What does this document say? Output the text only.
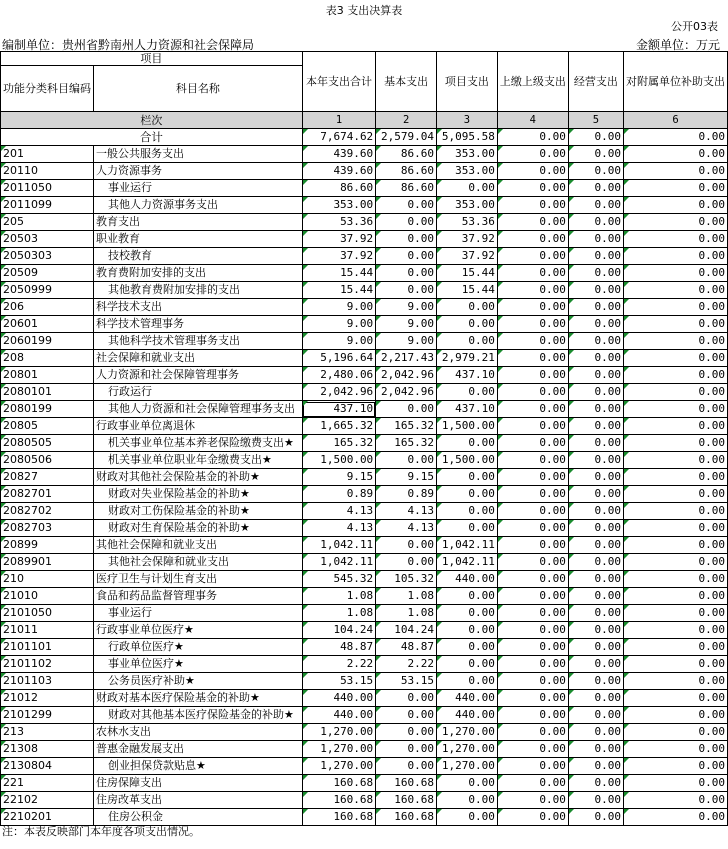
表3 支出决算表
公开03表
编制单位：贵州省黔南州人力资源和社会保障局	金额单位：万元
项目		本年支出合计	基本支出	项目支出	上缴上级支出	经营支出	对附属单位补助支出
功能分类科目编码	科目名称						
栏次		1	2	3	4	5	6
合计		7,674.62	2,579.04	5,095.58	0.00	0.00	0.00
201	一般公共服务支出	439.60	86.60	353.00	0.00	0.00	0.00
20110	人力资源事务	439.60	86.60	353.00	0.00	0.00	0.00
2011050	事业运行	86.60	86.60	0.00	0.00	0.00	0.00
2011099	其他人力资源事务支出	353.00	0.00	353.00	0.00	0.00	0.00
205	教育支出	53.36	0.00	53.36	0.00	0.00	0.00
20503	职业教育	37.92	0.00	37.92	0.00	0.00	0.00
2050303	技校教育	37.92	0.00	37.92	0.00	0.00	0.00
20509	教育费附加安排的支出	15.44	0.00	15.44	0.00	0.00	0.00
2050999	其他教育费附加安排的支出	15.44	0.00	15.44	0.00	0.00	0.00
206	科学技术支出	9.00	9.00	0.00	0.00	0.00	0.00
20601	科学技术管理事务	9.00	9.00	0.00	0.00	0.00	0.00
2060199	其他科学技术管理事务支出	9.00	9.00	0.00	0.00	0.00	0.00
208	社会保障和就业支出	5,196.64	2,217.43	2,979.21	0.00	0.00	0.00
20801	人力资源和社会保障管理事务	2,480.06	2,042.96	437.10	0.00	0.00	0.00
2080101	行政运行	2,042.96	2,042.96	0.00	0.00	0.00	0.00
2080199	其他人力资源和社会保障管理事务支出	437.10	0.00	437.10	0.00	0.00	0.00
20805	行政事业单位离退休	1,665.32	165.32	1,500.00	0.00	0.00	0.00
2080505	机关事业单位基本养老保险缴费支出★	165.32	165.32	0.00	0.00	0.00	0.00
2080506	机关事业单位职业年金缴费支出★	1,500.00	0.00	1,500.00	0.00	0.00	0.00
20827	财政对其他社会保险基金的补助★	9.15	9.15	0.00	0.00	0.00	0.00
2082701	财政对失业保险基金的补助★	0.89	0.89	0.00	0.00	0.00	0.00
2082702	财政对工伤保险基金的补助★	4.13	4.13	0.00	0.00	0.00	0.00
2082703	财政对生育保险基金的补助★	4.13	4.13	0.00	0.00	0.00	0.00
20899	其他社会保障和就业支出	1,042.11	0.00	1,042.11	0.00	0.00	0.00
2089901	其他社会保障和就业支出	1,042.11	0.00	1,042.11	0.00	0.00	0.00
210	医疗卫生与计划生育支出	545.32	105.32	440.00	0.00	0.00	0.00
21010	食品和药品监督管理事务	1.08	1.08	0.00	0.00	0.00	0.00
2101050	事业运行	1.08	1.08	0.00	0.00	0.00	0.00
21011	行政事业单位医疗★	104.24	104.24	0.00	0.00	0.00	0.00
2101101	行政单位医疗★	48.87	48.87	0.00	0.00	0.00	0.00
2101102	事业单位医疗★	2.22	2.22	0.00	0.00	0.00	0.00
2101103	公务员医疗补助★	53.15	53.15	0.00	0.00	0.00	0.00
21012	财政对基本医疗保险基金的补助★	440.00	0.00	440.00	0.00	0.00	0.00
2101299	财政对其他基本医疗保险基金的补助★	440.00	0.00	440.00	0.00	0.00	0.00
213	农林水支出	1,270.00	0.00	1,270.00	0.00	0.00	0.00
21308	普惠金融发展支出	1,270.00	0.00	1,270.00	0.00	0.00	0.00
2130804	创业担保贷款贴息★	1,270.00	0.00	1,270.00	0.00	0.00	0.00
221	住房保障支出	160.68	160.68	0.00	0.00	0.00	0.00
22102	住房改革支出	160.68	160.68	0.00	0.00	0.00	0.00
2210201	住房公积金	160.68	160.68	0.00	0.00	0.00	0.00
注：本表反映部门本年度各项支出情况。
